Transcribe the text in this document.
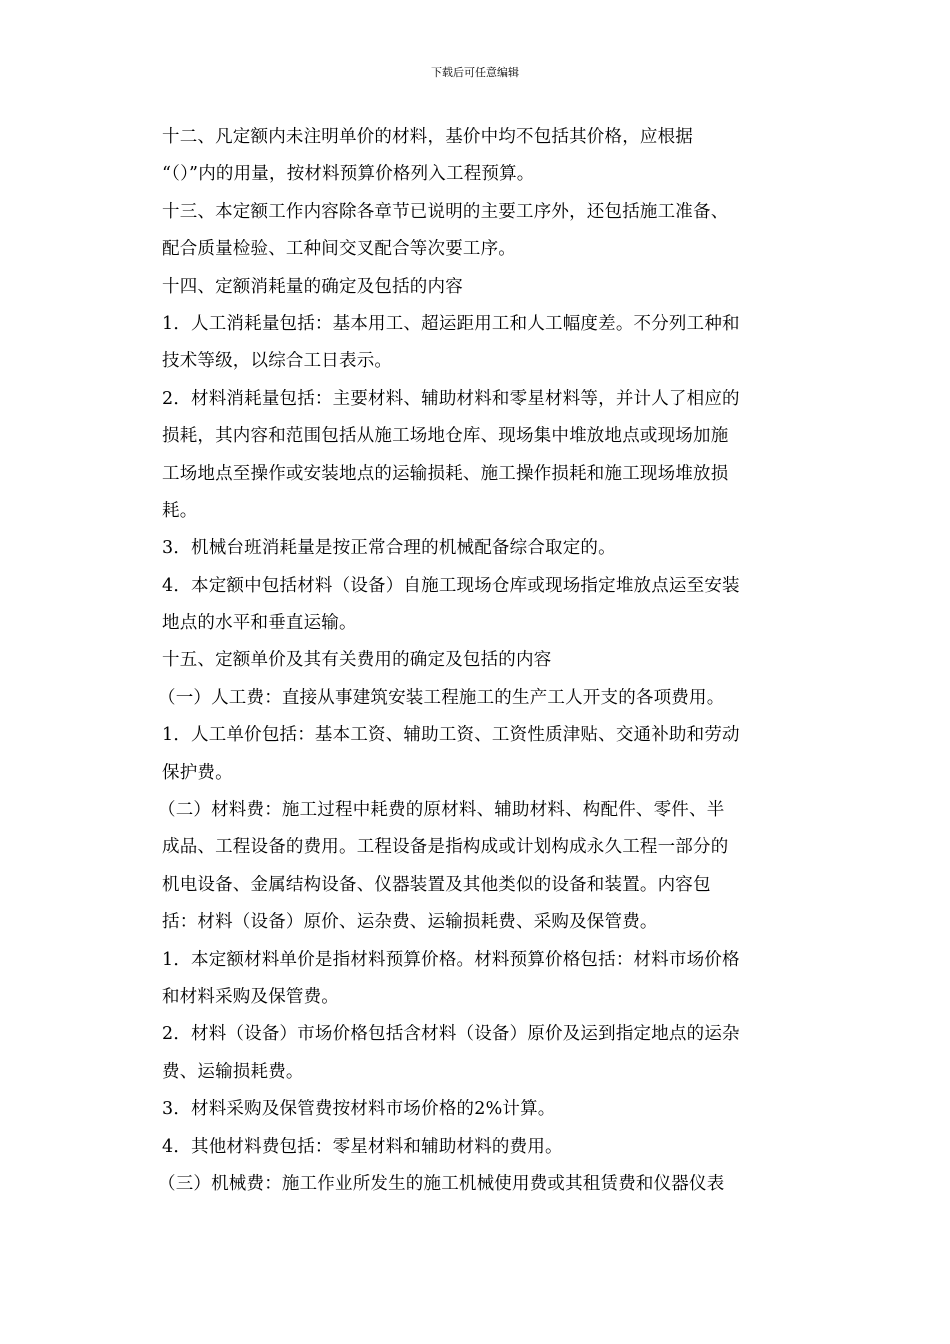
下载后可任意编辑
十二、凡定额内未注明单价的材料，基价中均不包括其价格，应根据
“（）”内的用量，按材料预算价格列入工程预算。
十三、本定额工作内容除各章节已说明的主要工序外，还包括施工准备、
配合质量检验、工种间交叉配合等次要工序。
十四、定额消耗量的确定及包括的内容
1．人工消耗量包括：基本用工、超运距用工和人工幅度差。不分列工种和
技术等级，以综合工日表示。
2．材料消耗量包括：主要材料、辅助材料和零星材料等，并计人了相应的
损耗，其内容和范围包括从施工场地仓库、现场集中堆放地点或现场加施
工场地点至操作或安装地点的运输损耗、施工操作损耗和施工现场堆放损
耗。
3．机械台班消耗量是按正常合理的机械配备综合取定的。
4．本定额中包括材料（设备）自施工现场仓库或现场指定堆放点运至安装
地点的水平和垂直运输。
十五、定额单价及其有关费用的确定及包括的内容
（一）人工费：直接从事建筑安装工程施工的生产工人开支的各项费用。
1．人工单价包括：基本工资、辅助工资、工资性质津贴、交通补助和劳动
保护费。
（二）材料费：施工过程中耗费的原材料、辅助材料、构配件、零件、半
成品、工程设备的费用。工程设备是指构成或计划构成永久工程一部分的
机电设备、金属结构设备、仪器装置及其他类似的设备和装置。内容包
括：材料（设备）原价、运杂费、运输损耗费、采购及保管费。
1．本定额材料单价是指材料预算价格。材料预算价格包括：材料市场价格
和材料采购及保管费。
2．材料（设备）市场价格包括含材料（设备）原价及运到指定地点的运杂
费、运输损耗费。
3．材料采购及保管费按材料市场价格的2%计算。
4．其他材料费包括：零星材料和辅助材料的费用。
（三）机械费：施工作业所发生的施工机械使用费或其租赁费和仪器仪表
